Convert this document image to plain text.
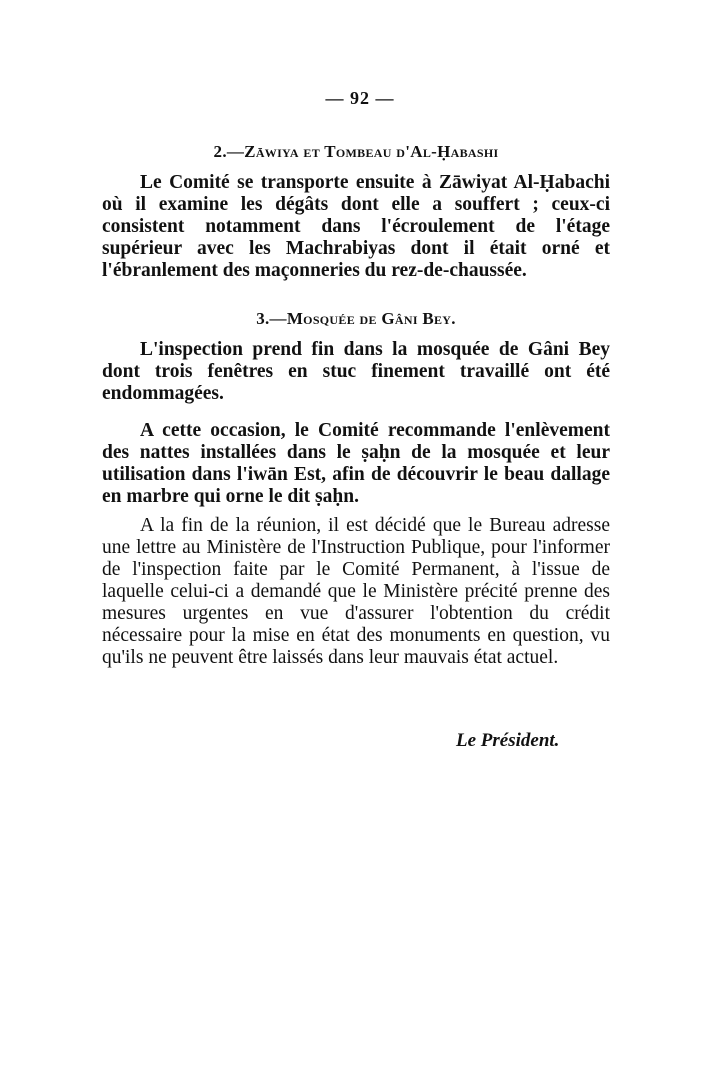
— 92 —
2.—Zāwiya et Tombeau d'Al-Ḥabashi

Le Comité se transporte ensuite à Zāwiyat Al-Ḥabachi où il examine les dégâts dont elle a souffert ; ceux-ci consistent notamment dans l'écroulement de l'étage supérieur avec les Machrabiyas dont il était orné et l'ébranlement des maçonneries du rez-de-chaussée.

3.—Mosquée de Gâni Bey.

L'inspection prend fin dans la mosquée de Gâni Bey dont trois fenêtres en stuc finement travaillé ont été endommagées.

A cette occasion, le Comité recommande l'enlèvement des nattes installées dans le ṣaḥn de la mosquée et leur utilisation dans l'iwān Est, afin de découvrir le beau dallage en marbre qui orne le dit ṣaḥn.

A la fin de la réunion, il est décidé que le Bureau adresse une lettre au Ministère de l'Instruction Publique, pour l'informer de l'inspection faite par le Comité Permanent, à l'issue de laquelle celui-ci a demandé que le Ministère précité prenne des mesures urgentes en vue d'assurer l'obtention du crédit nécessaire pour la mise en état des monuments en question, vu qu'ils ne peuvent être laissés dans leur mauvais état actuel.

Le Président.
